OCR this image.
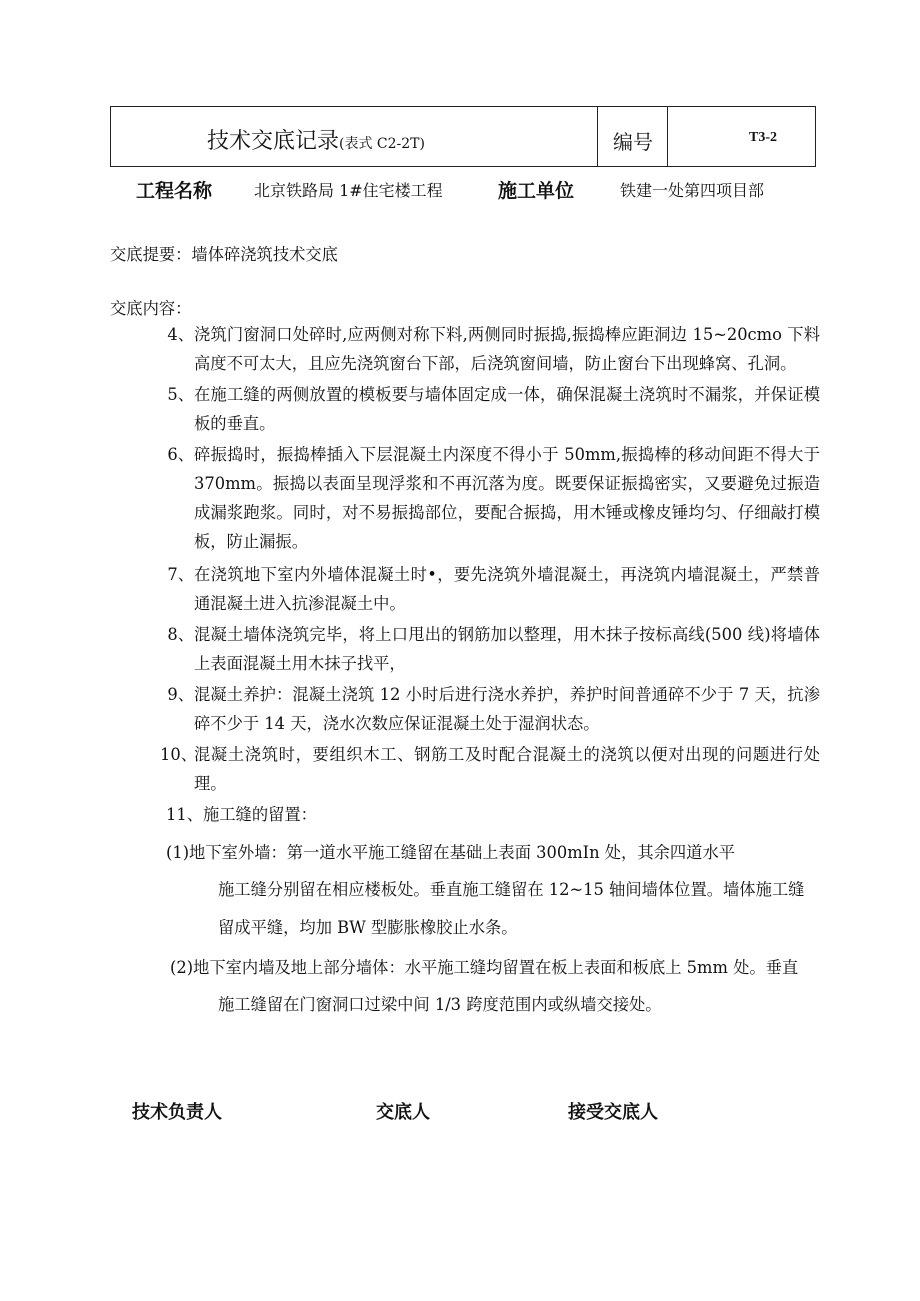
技术交底记录(表式 C2-2T)	编号	T3-2
工程名称	北京铁路局 1#住宅楼工程	施工单位	铁建一处第四项目部
交底提要：墙体碎浇筑技术交底
交底内容：
4、 浇筑门窗洞口处碎时,应两侧对称下料,两侧同时振捣,振捣棒应距洞边 15~20cmo 下料高度不可太大，且应先浇筑窗台下部，后浇筑窗间墙，防止窗台下出现蜂窝、孔洞。
5、 在施工缝的两侧放置的模板要与墙体固定成一体，确保混凝土浇筑时不漏浆，并保证模板的垂直。
6、 碎振捣时，振捣棒插入下层混凝土内深度不得小于 50mm,振捣棒的移动间距不得大于 370mm。振捣以表面呈现浮浆和不再沉落为度。既要保证振捣密实，又要避免过振造成漏浆跑浆。同时，对不易振捣部位，要配合振捣，用木锤或橡皮锤均匀、仔细敲打模板，防止漏振。
7、 在浇筑地下室内外墙体混凝土时•，要先浇筑外墙混凝土，再浇筑内墙混凝土，严禁普通混凝土进入抗渗混凝土中。
8、 混凝土墙体浇筑完毕，将上口甩出的钢筋加以整理，用木抹子按标高线(500 线)将墙体上表面混凝土用木抹子找平，
9、 混凝土养护：混凝土浇筑 12 小时后进行浇水养护，养护时间普通碎不少于 7 天，抗渗碎不少于 14 天，浇水次数应保证混凝土处于湿润状态。
10、
混凝土浇筑时，要组织木工、钢筋工及时配合混凝土的浇筑以便对出现的问题进行处理。
11、施工缝的留置：
(1)地下室外墙：第一道水平施工缝留在基础上表面 300mIn 处，其余四道水平
施工缝分别留在相应楼板处。垂直施工缝留在 12~15 轴间墙体位置。墙体施工缝
留成平缝，均加 BW 型膨胀橡胶止水条。
(2)地下室内墙及地上部分墙体：水平施工缝均留置在板上表面和板底上 5mm 处。垂直
施工缝留在门窗洞口过梁中间 1/3 跨度范围内或纵墙交接处。
技术负责人	交底人	接受交底人
